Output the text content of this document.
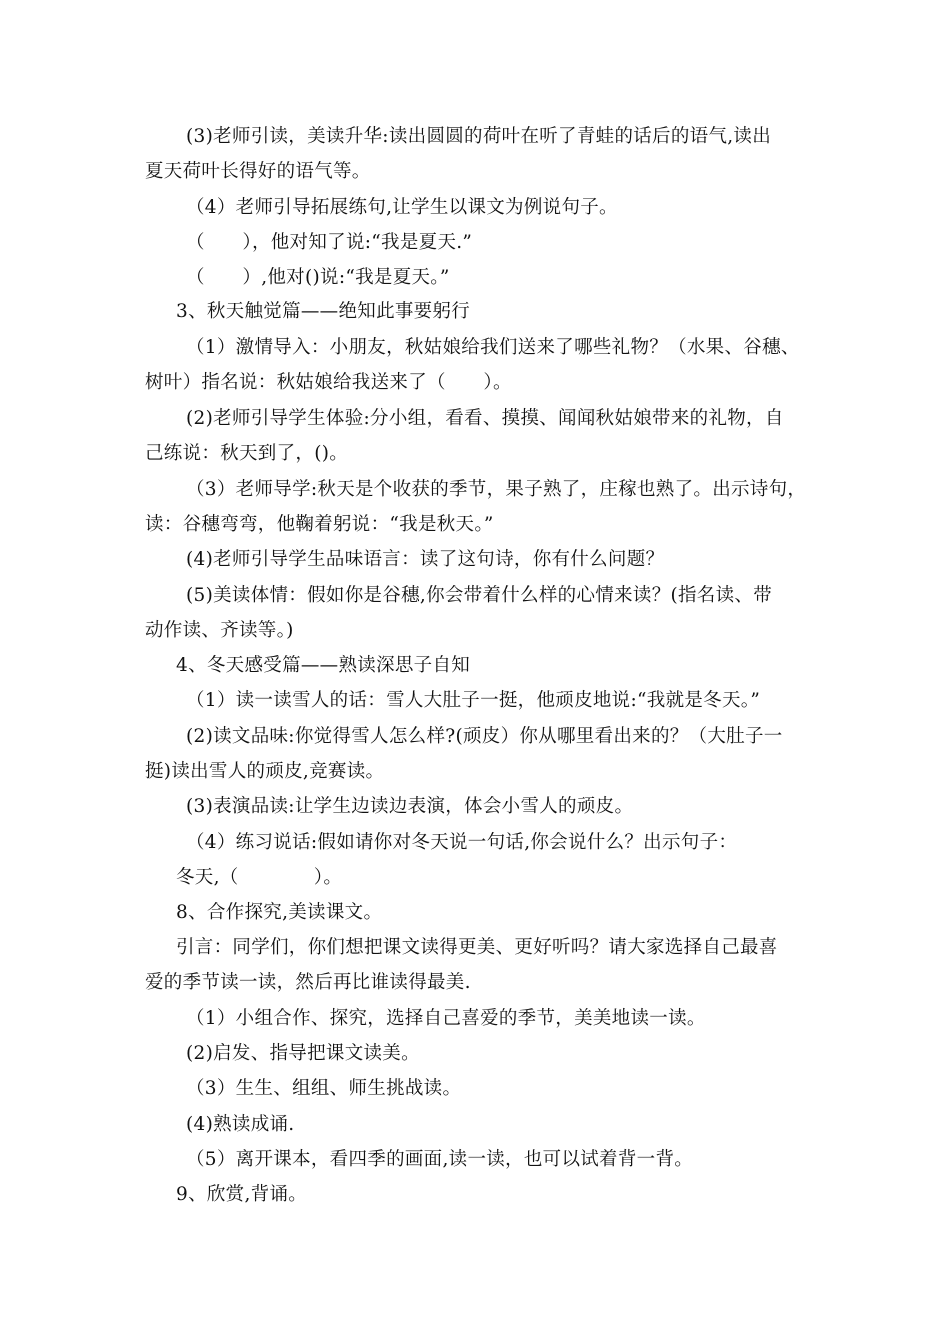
(3)老师引读，美读升华:读出圆圆的荷叶在听了青蛙的话后的语气,读出
夏天荷叶长得好的语气等。
（4）老师引导拓展练句,让学生以课文为例说句子。
（　　），他对知了说:“我是夏天.”
（　　）,他对()说:“我是夏天。”
3、秋天触觉篇——绝知此事要躬行
（1）激情导入：小朋友，秋姑娘给我们送来了哪些礼物？（水果、谷穗、
树叶）指名说：秋姑娘给我送来了（　　）。
(2)老师引导学生体验:分小组，看看、摸摸、闻闻秋姑娘带来的礼物，自
己练说：秋天到了，()。
（3）老师导学:秋天是个收获的季节，果子熟了，庄稼也熟了。出示诗句，
读：谷穗弯弯，他鞠着躬说：“我是秋天。”
(4)老师引导学生品味语言：读了这句诗，你有什么问题？
(5)美读体情：假如你是谷穗,你会带着什么样的心情来读？(指名读、带
动作读、齐读等。)
4、冬天感受篇——熟读深思子自知
（1）读一读雪人的话：雪人大肚子一挺，他顽皮地说:“我就是冬天。”
(2)读文品味:你觉得雪人怎么样?(顽皮）你从哪里看出来的？（大肚子一
挺)读出雪人的顽皮,竞赛读。
(3)表演品读:让学生边读边表演，体会小雪人的顽皮。
（4）练习说话:假如请你对冬天说一句话,你会说什么？出示句子：
冬天,（　　　　）。
8、合作探究,美读课文。
引言：同学们，你们想把课文读得更美、更好听吗？请大家选择自己最喜
爱的季节读一读，然后再比谁读得最美.
（1）小组合作、探究，选择自己喜爱的季节，美美地读一读。
(2)启发、指导把课文读美。
（3）生生、组组、师生挑战读。
(4)熟读成诵.
（5）离开课本，看四季的画面,读一读，也可以试着背一背。
9、欣赏,背诵。
